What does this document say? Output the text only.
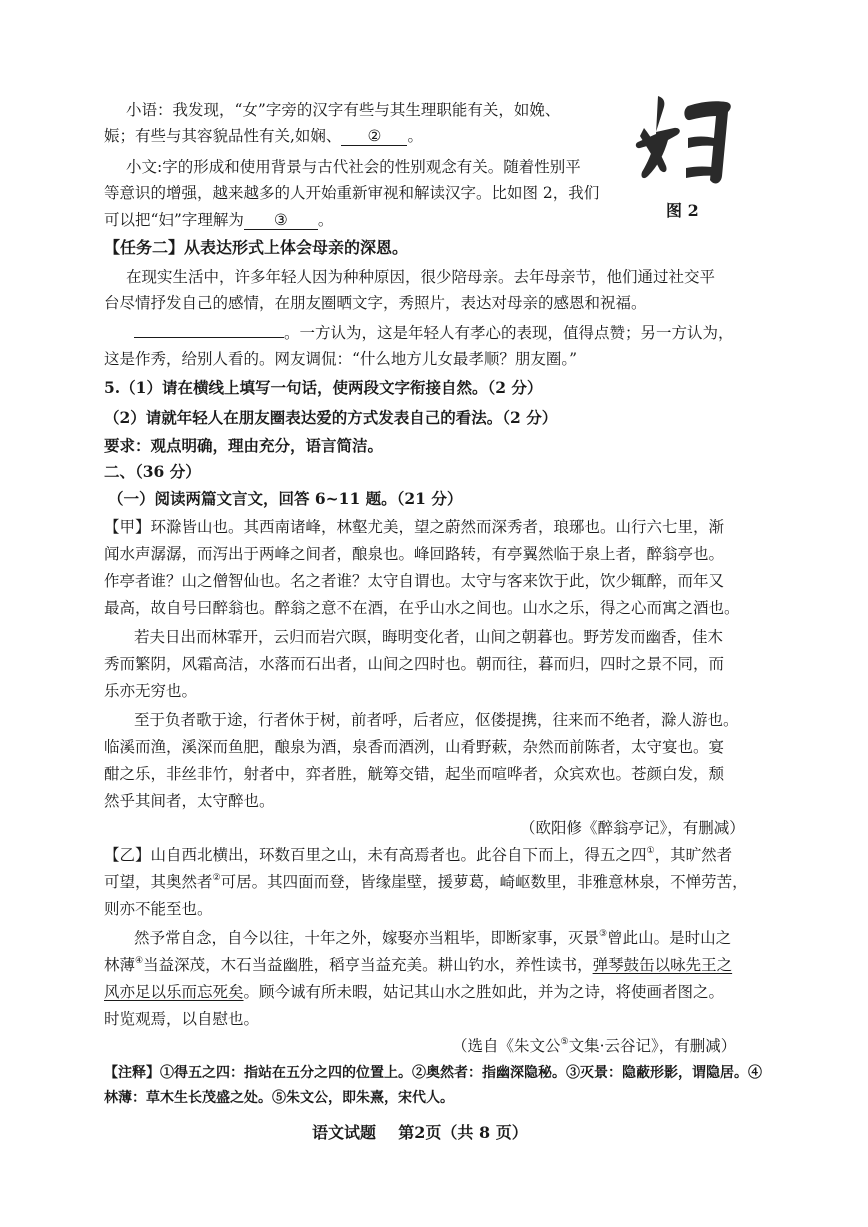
小语：我发现，“女”字旁的汉字有些与其生理职能有关，如娩、
娠；有些与其容貌品性有关,如娴、 ② 。
小文:字的形成和使用背景与古代社会的性别观念有关。随着性别平
等意识的增强，越来越多的人开始重新审视和解读汉字。比如图 2，我们
可以把“妇”字理解为 ③ 。	图 2
【任务二】从表达形式上体会母亲的深恩。
在现实生活中，许多年轻人因为种种原因，很少陪母亲。去年母亲节，他们通过社交平
台尽情抒发自己的感情，在朋友圈晒文字，秀照片，表达对母亲的感恩和祝福。
。一方认为，这是年轻人有孝心的表现，值得点赞；另一方认为，
这是作秀，给别人看的。网友调侃：“什么地方儿女最孝顺？朋友圈。”
5.（1）请在横线上填写一句话，使两段文字衔接自然。（2 分）
（2）请就年轻人在朋友圈表达爱的方式发表自己的看法。（2 分）
要求：观点明确，理由充分，语言简洁。
二、（36 分）
（一）阅读两篇文言文，回答 6~11 题。（21 分）
【甲】环滁皆山也。其西南诸峰，林壑尤美，望之蔚然而深秀者，琅琊也。山行六七里，渐
闻水声潺潺，而泻出于两峰之间者，酿泉也。峰回路转，有亭翼然临于泉上者，醉翁亭也。
作亭者谁？山之僧智仙也。名之者谁？太守自谓也。太守与客来饮于此，饮少辄醉，而年又
最高，故自号曰醉翁也。醉翁之意不在酒，在乎山水之间也。山水之乐，得之心而寓之酒也。
若夫日出而林霏开，云归而岩穴暝，晦明变化者，山间之朝暮也。野芳发而幽香，佳木
秀而繁阴，风霜高洁，水落而石出者，山间之四时也。朝而往，暮而归，四时之景不同，而
乐亦无穷也。
至于负者歌于途，行者休于树，前者呼，后者应，伛偻提携，往来而不绝者，滁人游也。
临溪而渔，溪深而鱼肥，酿泉为酒，泉香而酒洌，山肴野蔌，杂然而前陈者，太守宴也。宴
酣之乐，非丝非竹，射者中，弈者胜，觥筹交错，起坐而喧哗者，众宾欢也。苍颜白发，颓
然乎其间者，太守醉也。
（欧阳修《醉翁亭记》，有删减）
【乙】山自西北横出，环数百里之山，未有高焉者也。此谷自下而上，得五之四①，其旷然者
可望，其奥然者②可居。其四面而登，皆缘崖壁，援萝葛，崎岖数里，非雅意林泉，不惮劳苦，
则亦不能至也。
然予常自念，自今以往，十年之外，嫁娶亦当粗毕，即断家事，灭景③曾此山。是时山之
林薄④当益深茂，木石当益幽胜，稻亨当益充美。耕山钓水，养性读书，弹琴鼓缶以咏先王之
风亦足以乐而忘死矣。顾今诚有所未暇，姑记其山水之胜如此，并为之诗，将使画者图之。
时览观焉，以自慰也。
（选自《朱文公⑤文集·云谷记》，有删减）
【注释】①得五之四：指站在五分之四的位置上。②奥然者：指幽深隐秘。③灭景：隐蔽形影，谓隐居。④
林薄：草木生长茂盛之处。⑤朱文公，即朱熹，宋代人。
语文试题    第2页（共 8 页）
